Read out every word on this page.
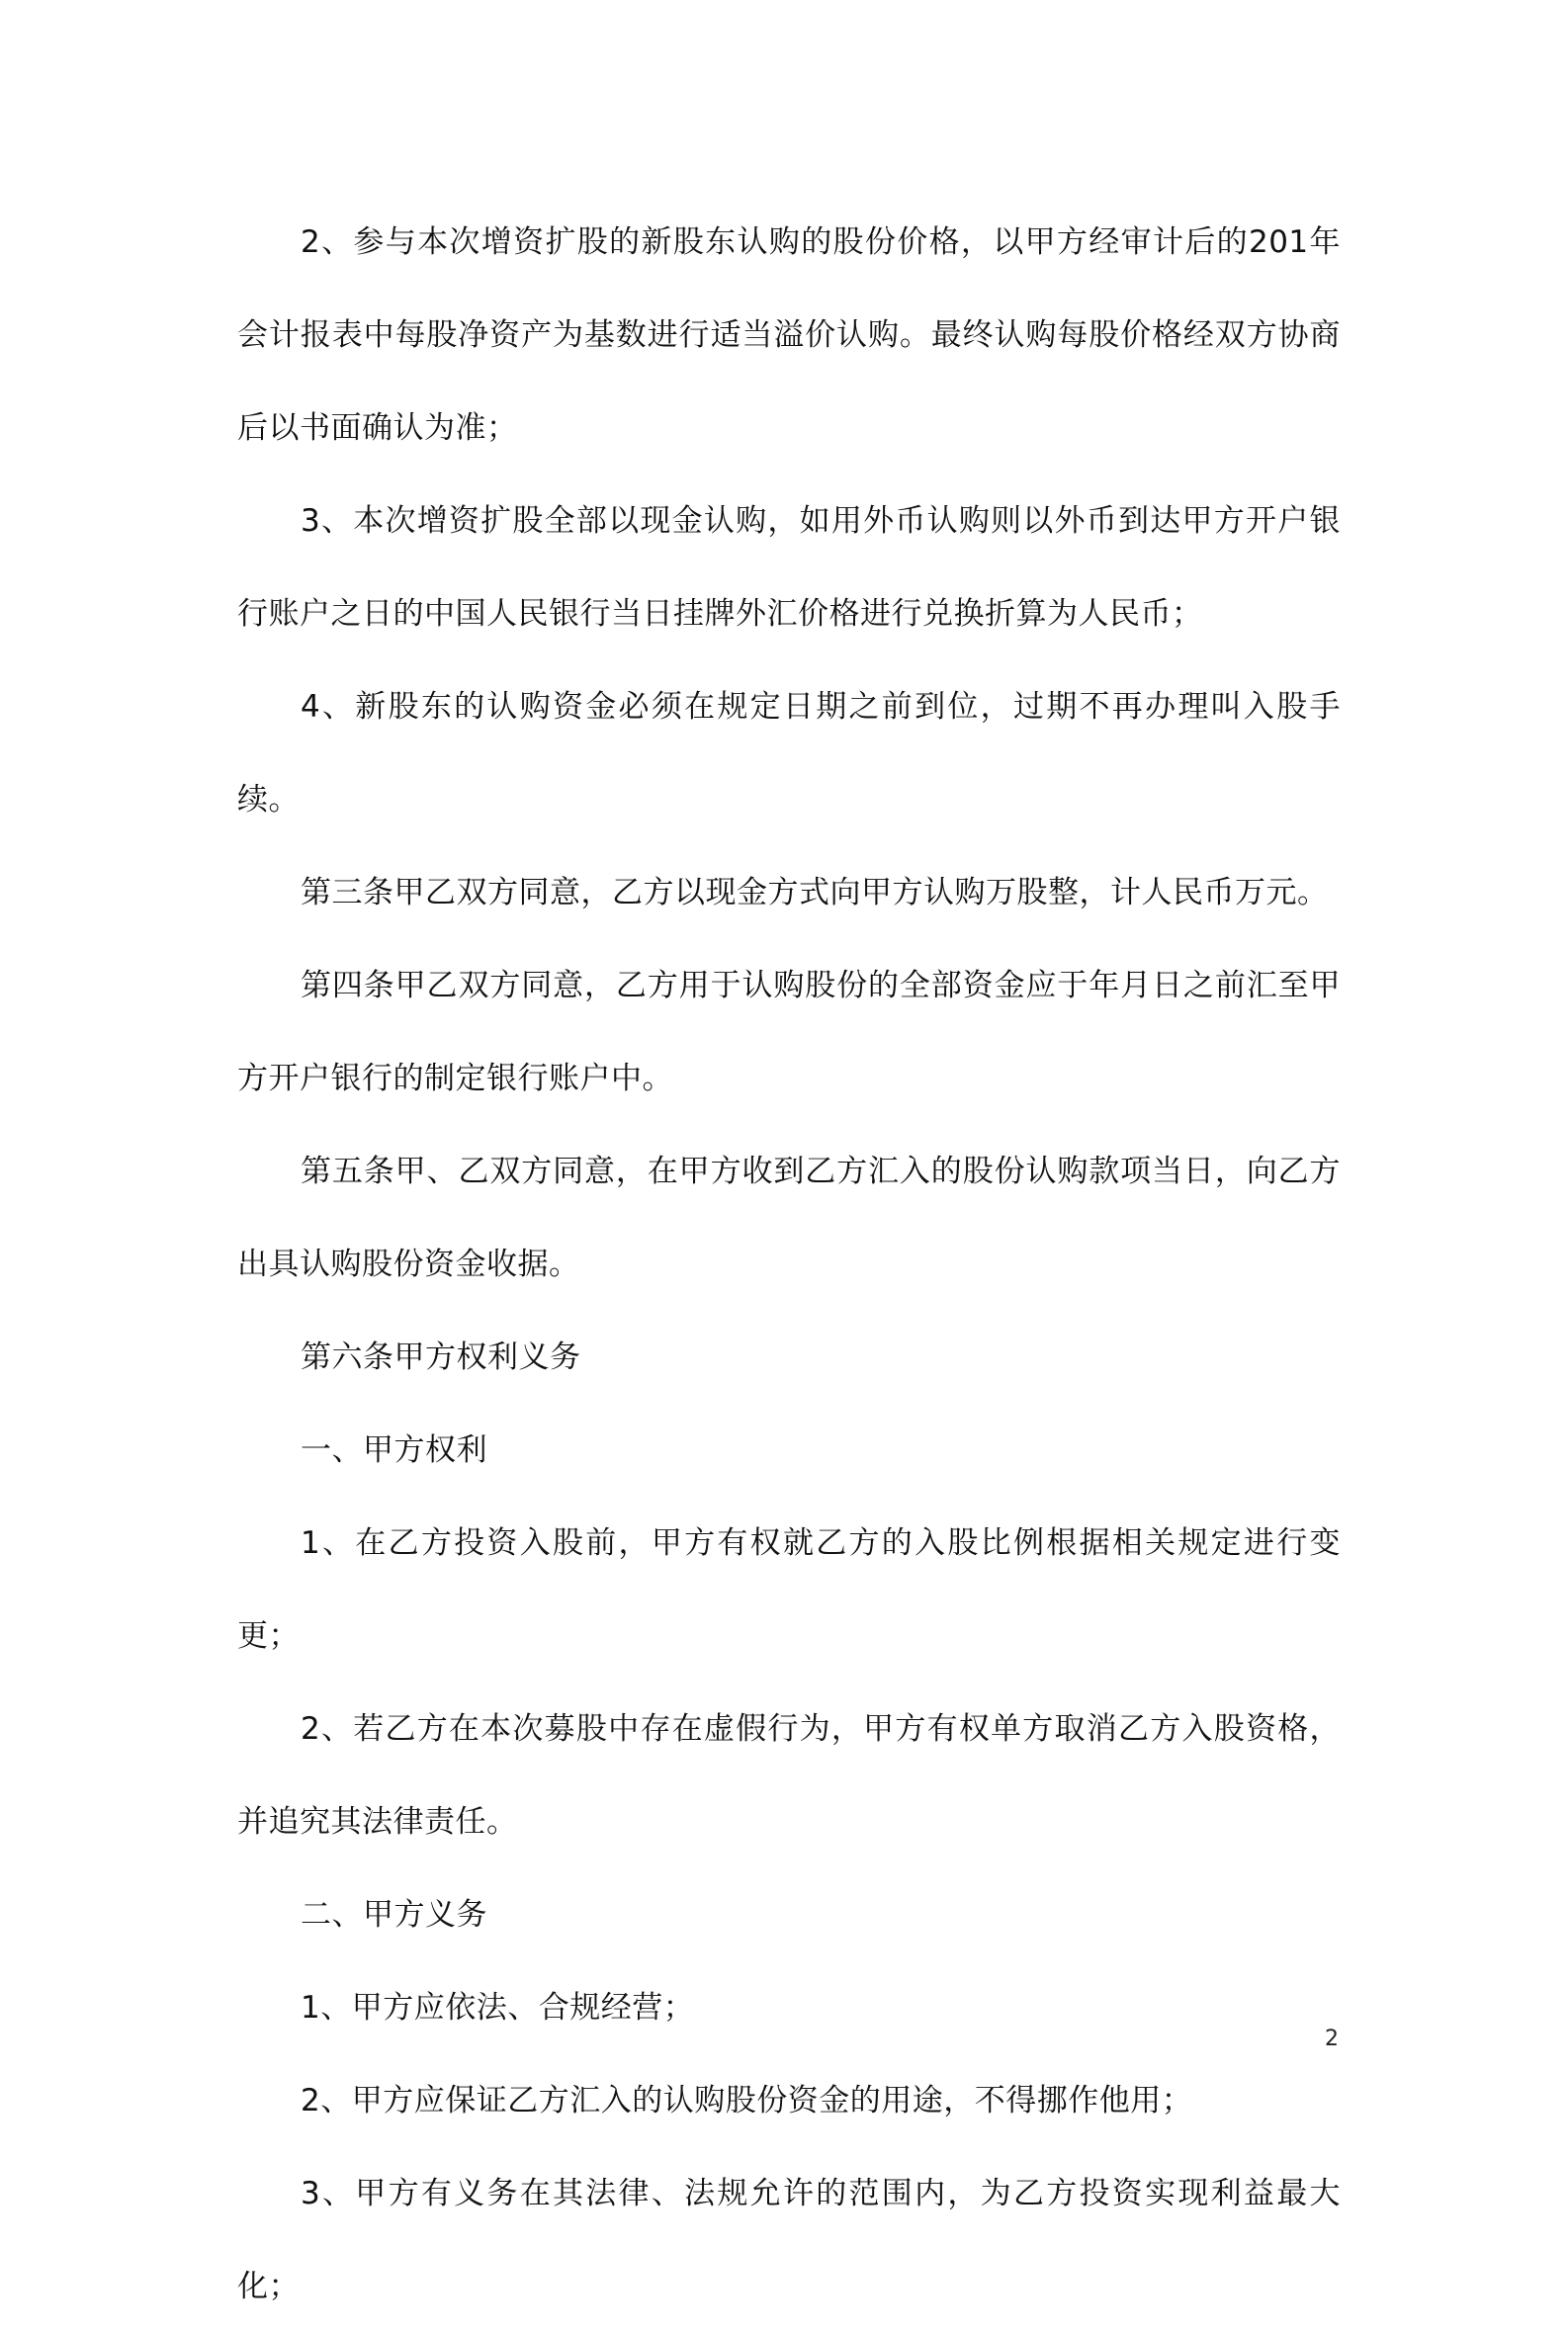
2、参与本次增资扩股的新股东认购的股份价格，以甲方经审计后的201年会计报表中每股净资产为基数进行适当溢价认购。最终认购每股价格经双方协商后以书面确认为准；

3、本次增资扩股全部以现金认购，如用外币认购则以外币到达甲方开户银行账户之日的中国人民银行当日挂牌外汇价格进行兑换折算为人民币；

4、新股东的认购资金必须在规定日期之前到位，过期不再办理叫入股手续。

第三条甲乙双方同意，乙方以现金方式向甲方认购万股整，计人民币万元。

第四条甲乙双方同意，乙方用于认购股份的全部资金应于年月日之前汇至甲方开户银行的制定银行账户中。

第五条甲、乙双方同意，在甲方收到乙方汇入的股份认购款项当日，向乙方出具认购股份资金收据。

第六条甲方权利义务

一、甲方权利

1、在乙方投资入股前，甲方有权就乙方的入股比例根据相关规定进行变更；

2、若乙方在本次募股中存在虚假行为，甲方有权单方取消乙方入股资格，并追究其法律责任。

二、甲方义务

1、甲方应依法、合规经营；

2、甲方应保证乙方汇入的认购股份资金的用途，不得挪作他用；

3、甲方有义务在其法律、法规允许的范围内，为乙方投资实现利益最大化；

2
